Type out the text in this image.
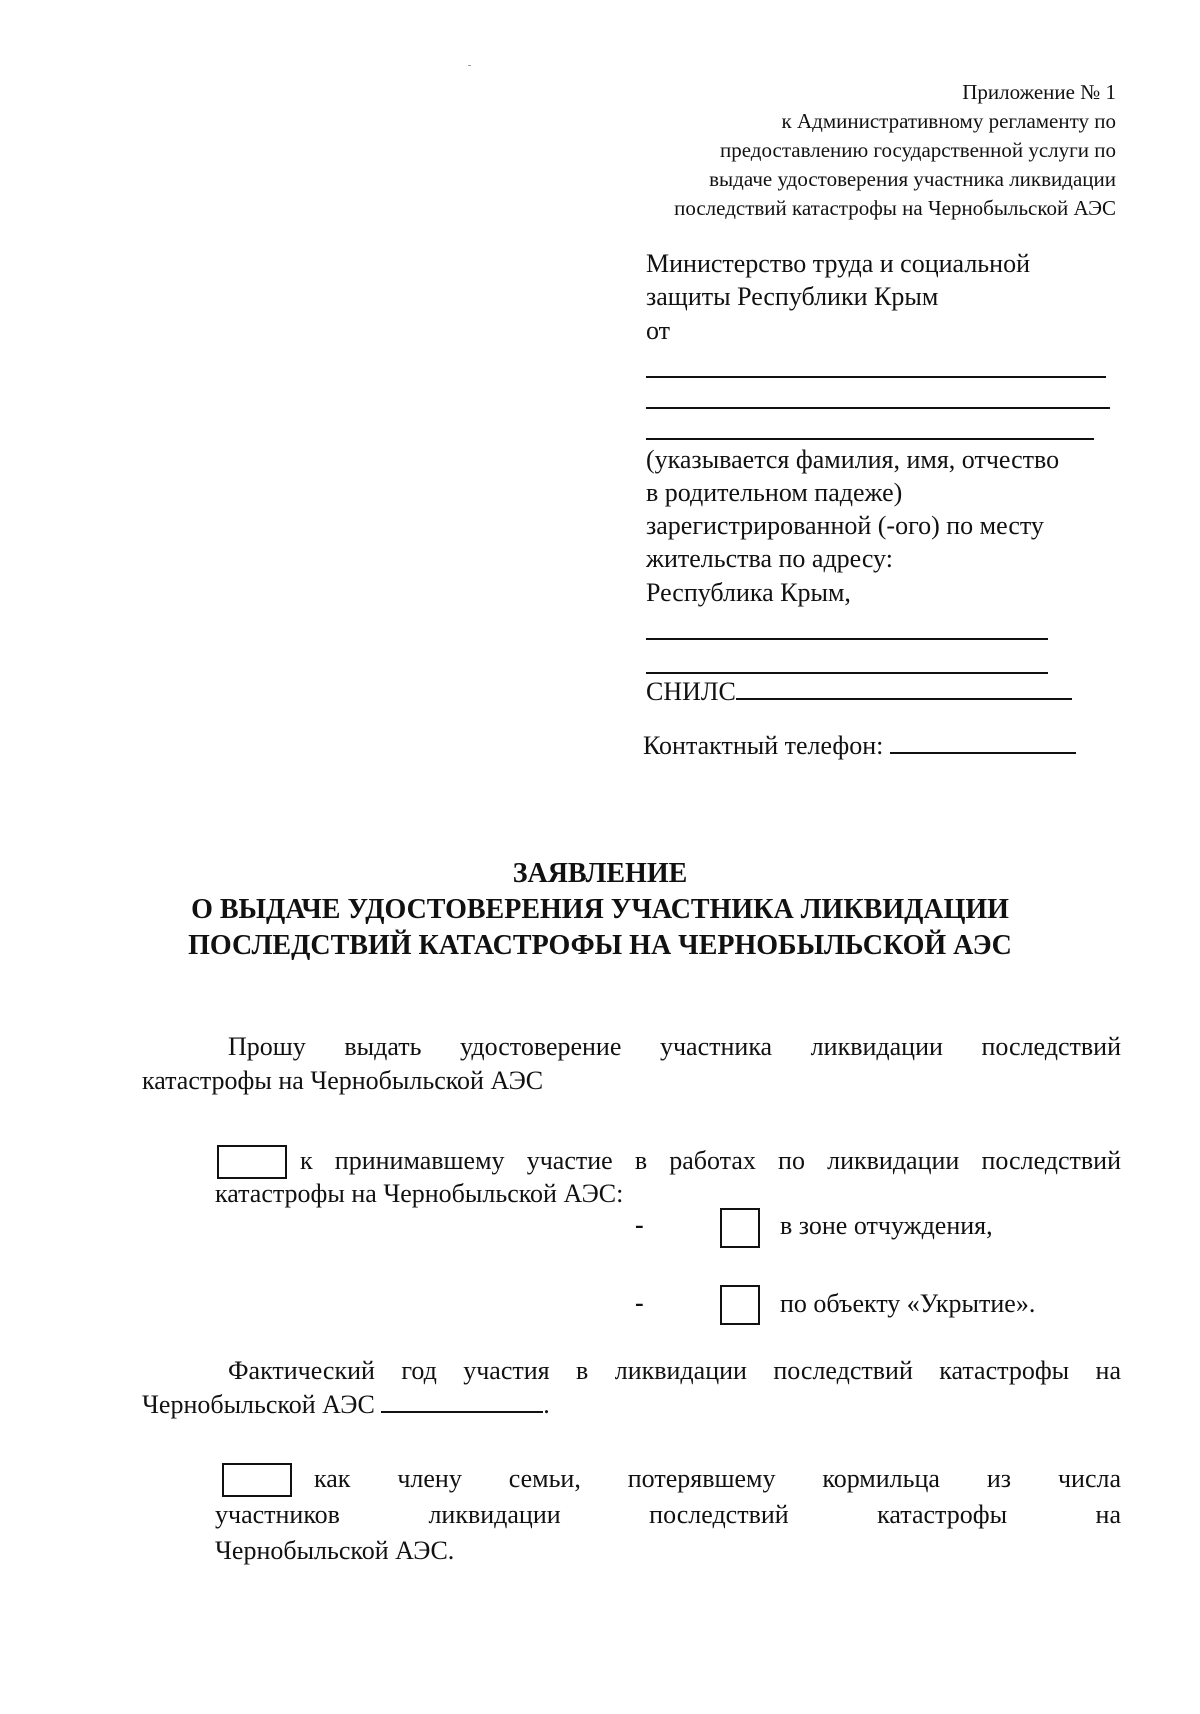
Приложение № 1
к Административному регламенту по
предоставлению государственной услуги по
выдаче удостоверения участника ликвидации
последствий катастрофы на Чернобыльской АЭС
Министерство труда и социальной
защиты Республики Крым
от
(указывается фамилия, имя, отчество
в родительном падеже)
зарегистрированной (-ого) по месту
жительства по адресу:
Республика Крым,
СНИЛС
Контактный телефон:
ЗАЯВЛЕНИЕ
О ВЫДАЧЕ УДОСТОВЕРЕНИЯ УЧАСТНИКА ЛИКВИДАЦИИ
ПОСЛЕДСТВИЙ КАТАСТРОФЫ НА ЧЕРНОБЫЛЬСКОЙ АЭС
Прошу выдать удостоверение участника ликвидации последствий
катастрофы на Чернобыльской АЭС
к принимавшему участие в работах по ликвидации последствий
катастрофы на Чернобыльской АЭС:
-	в зоне отчуждения,
-	по объекту «Укрытие».
Фактический год участия в ликвидации последствий катастрофы на
Чернобыльской АЭС	.
как члену семьи, потерявшему кормильца из числа
участников ликвидации последствий катастрофы на
Чернобыльской АЭС.
